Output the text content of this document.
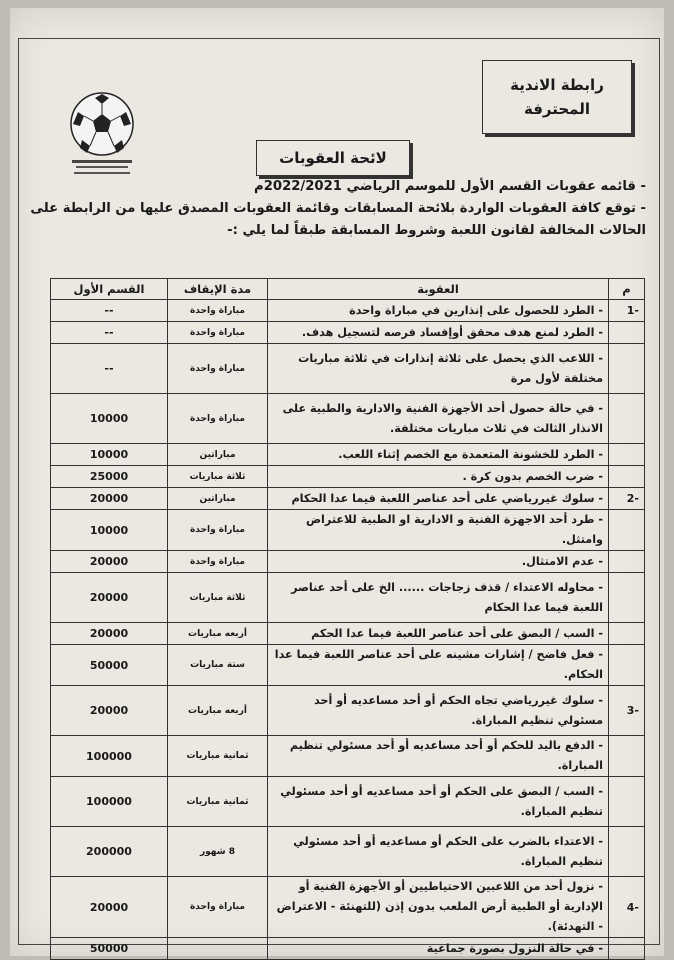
رابطة الاندية
المحترفة
لائحة العقوبات
- قائمه عقوبات القسم الأول للموسم الرياضي 2022/2021م
- توقع كافة العقوبات الواردة بلائحة المسابقات وقائمة العقوبات المصدق عليها من الرابطة على
الحالات المخالفة لقانون اللعبة وشروط المسابقة طبقاً لما يلي :-
م	العقوبة	مدة الإيقاف	القسم الأول
-1	- الطرد للحصول على إنذارين في مباراة واحدة	مباراة واحدة	--
	- الطرد لمنع هدف محقق أوإفساد فرصه لتسجيل هدف.	مباراة واحدة	--
	- اللاعب الذي يحصل على ثلاثة إنذارات في ثلاثة مباريات مختلفة لأول مرة	مباراة واحدة	--
	- في حالة حصول أحد الأجهزة الفنية والادارية والطبية على الانذار الثالث في ثلاث مباريات مختلفة.	مباراة واحدة	10000
	- الطرد للخشونة المتعمدة مع الخصم إثناء اللعب.	مباراتين	10000
	- ضرب الخصم بدون كرة .	ثلاثة مباريات	25000
-2	- سلوك غيررياضي على أحد عناصر اللعبة فيما عدا الحكام	مباراتين	20000
	- طرد أحد الاجهزة الفنية و الادارية او الطبية للاعتراض وامتثل.	مباراة واحدة	10000
	- عدم الامتثال.	مباراة واحدة	20000
	- محاوله الاعتداء / قذف زجاجات ...... الخ على أحد عناصر اللعبة فيما عدا الحكام	ثلاثة مباريات	20000
	- السب / البصق على أحد عناصر اللعبة فيما عدا الحكم	أربعه مباريات	20000
	- فعل فاضح / إشارات مشينه على أحد عناصر اللعبة فيما عدا الحكام.	ستة مباريات	50000
-3	- سلوك غيررياضي تجاه الحكم أو أحد مساعديه أو أحد مسئولي تنظيم المباراة.	أربعه مباريات	20000
	- الدفع باليد للحكم أو أحد مساعديه أو أحد مسئولي تنظيم المباراة.	ثمانية مباريات	100000
	- السب / البصق على الحكم أو أحد مساعديه أو أحد مسئولي تنظيم المباراة.	ثمانية مباريات	100000
	- الاعتداء بالضرب على الحكم أو مساعديه أو أحد مسئولي تنظيم المباراة.	8 شهور	200000
-4	- نزول أحد من اللاعبين الاحتياطيين أو الأجهزة الفنية أو الإدارية أو الطبية أرض الملعب بدون إذن (للتهنئة - الاعتراض - التهدئة).	مباراة واحدة	20000
	- في حالة النزول بصورة جماعية		50000
